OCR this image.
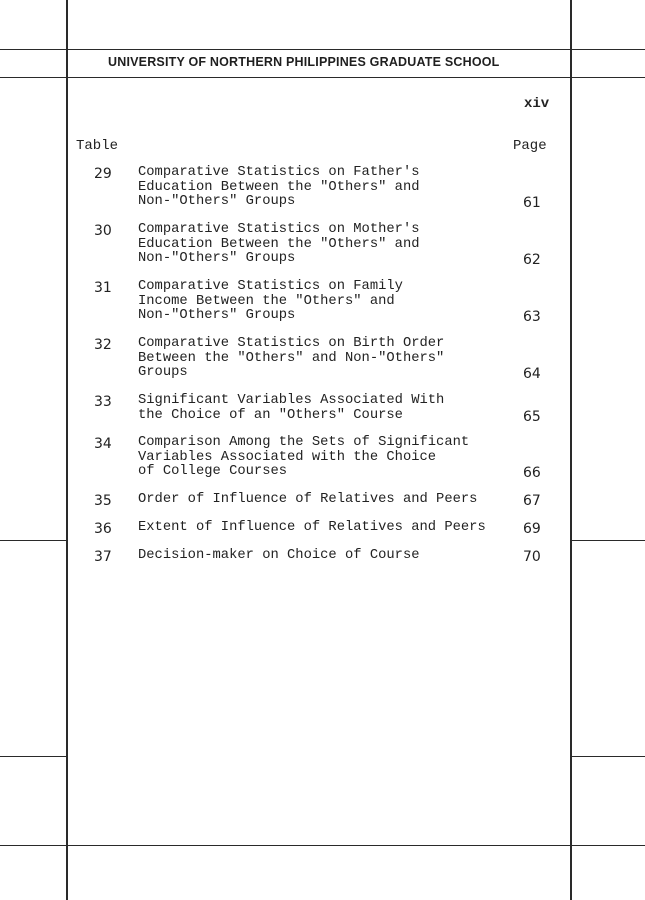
UNIVERSITY OF NORTHERN PHILIPPINES GRADUATE SCHOOL
xiv
Table	Page
29 Comparative Statistics on Father's
Education Between the "Others" and
Non-"Others" Groups	61
30 Comparative Statistics on Mother's
Education Between the "Others" and
Non-"Others" Groups	62
31 Comparative Statistics on Family
Income Between the "Others" and
Non-"Others" Groups	63
32 Comparative Statistics on Birth Order
Between the "Others" and Non-"Others"
Groups	64
33 Significant Variables Associated With
the Choice of an "Others" Course	65
34 Comparison Among the Sets of Significant
Variables Associated with the Choice
of College Courses	66
35 Order of Influence of Relatives and Peers	67
36 Extent of Influence of Relatives and Peers	69
37 Decision-maker on Choice of Course	70
